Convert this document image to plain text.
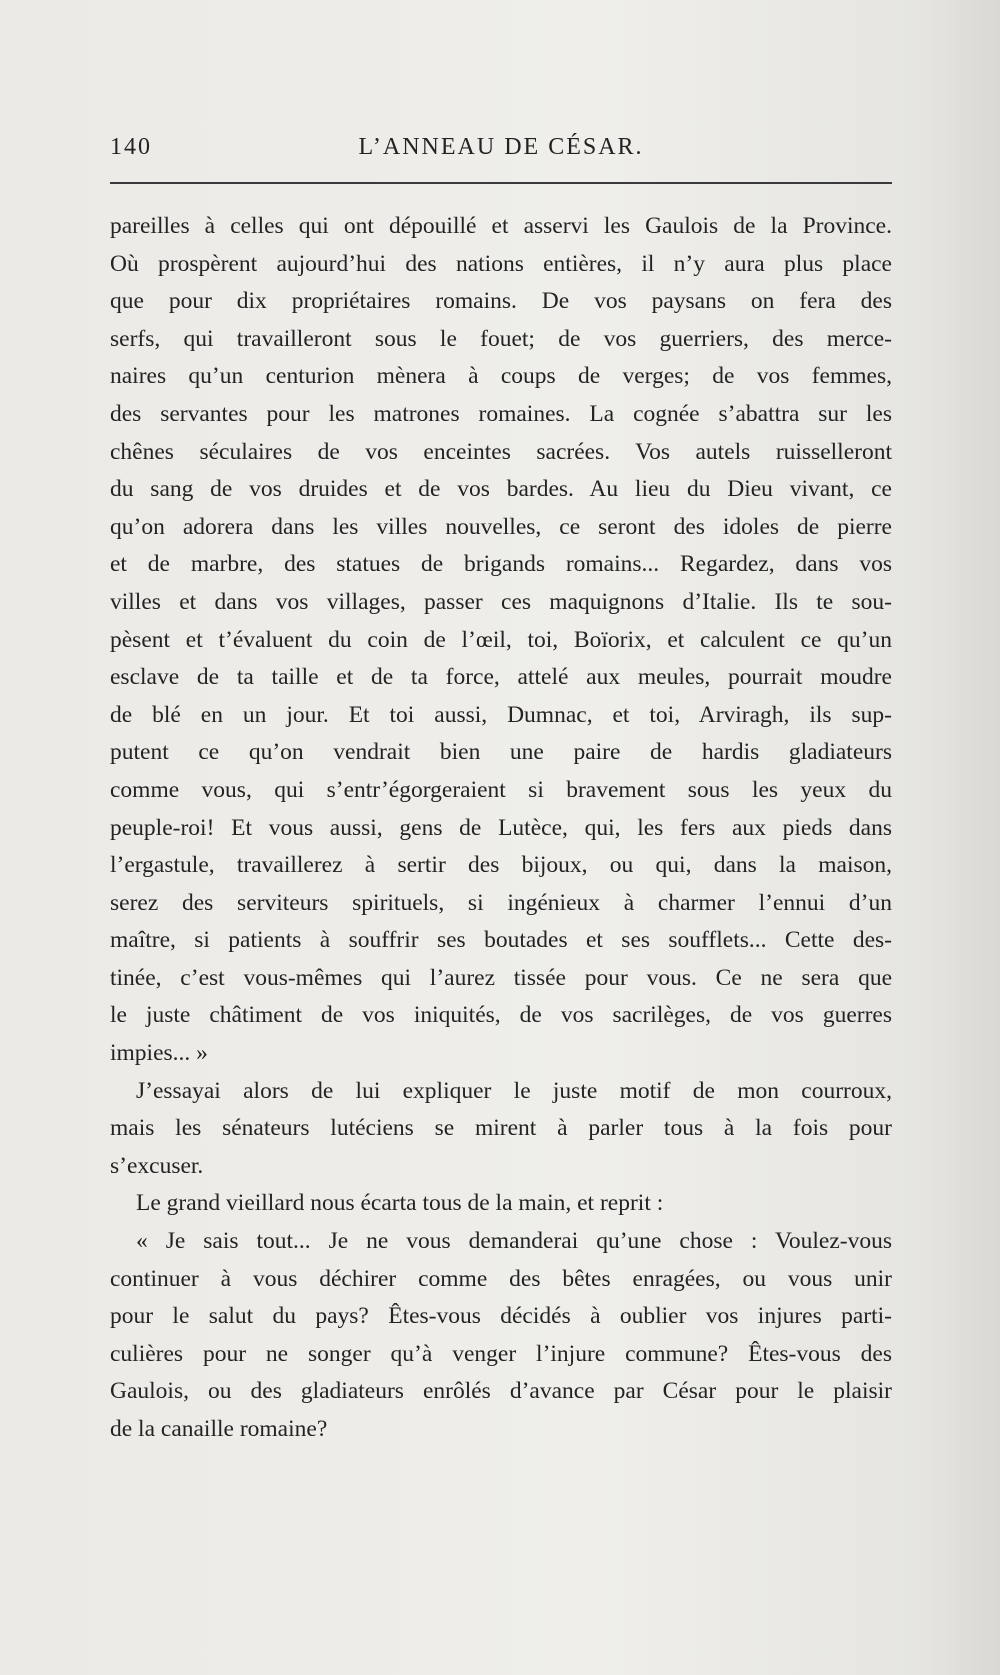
140	L’ANNEAU DE CÉSAR.

pareilles à celles qui ont dépouillé et asservi les Gaulois de la Province.
Où prospèrent aujourd’hui des nations entières, il n’y aura plus place
que pour dix propriétaires romains. De vos paysans on fera des
serfs, qui travailleront sous le fouet; de vos guerriers, des merce-
naires qu’un centurion mènera à coups de verges; de vos femmes,
des servantes pour les matrones romaines. La cognée s’abattra sur les
chênes séculaires de vos enceintes sacrées. Vos autels ruisselleront
du sang de vos druides et de vos bardes. Au lieu du Dieu vivant, ce
qu’on adorera dans les villes nouvelles, ce seront des idoles de pierre
et de marbre, des statues de brigands romains... Regardez, dans vos
villes et dans vos villages, passer ces maquignons d’Italie. Ils te sou-
pèsent et t’évaluent du coin de l’œil, toi, Boïorix, et calculent ce qu’un
esclave de ta taille et de ta force, attelé aux meules, pourrait moudre
de blé en un jour. Et toi aussi, Dumnac, et toi, Arviragh, ils sup-
putent ce qu’on vendrait bien une paire de hardis gladiateurs
comme vous, qui s’entr’égorgeraient si bravement sous les yeux du
peuple-roi! Et vous aussi, gens de Lutèce, qui, les fers aux pieds dans
l’ergastule, travaillerez à sertir des bijoux, ou qui, dans la maison,
serez des serviteurs spirituels, si ingénieux à charmer l’ennui d’un
maître, si patients à souffrir ses boutades et ses soufflets... Cette des-
tinée, c’est vous-mêmes qui l’aurez tissée pour vous. Ce ne sera que
le juste châtiment de vos iniquités, de vos sacrilèges, de vos guerres
impies... »

J’essayai alors de lui expliquer le juste motif de mon courroux,
mais les sénateurs lutéciens se mirent à parler tous à la fois pour
s’excuser.

Le grand vieillard nous écarta tous de la main, et reprit :

« Je sais tout... Je ne vous demanderai qu’une chose : Voulez-vous
continuer à vous déchirer comme des bêtes enragées, ou vous unir
pour le salut du pays? Êtes-vous décidés à oublier vos injures parti-
culières pour ne songer qu’à venger l’injure commune? Êtes-vous des
Gaulois, ou des gladiateurs enrôlés d’avance par César pour le plaisir
de la canaille romaine?
